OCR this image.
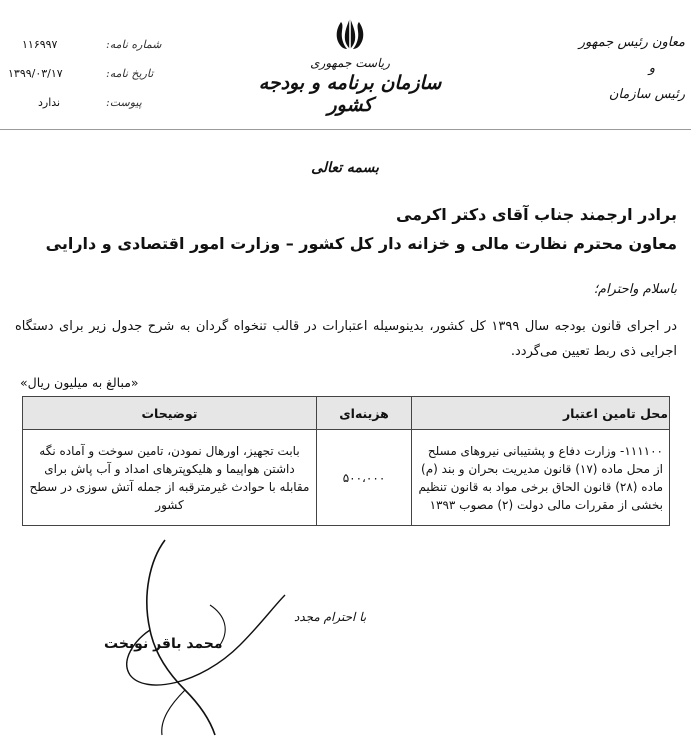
معاون رئیس جمهور
و
رئیس سازمان
ریاست جمهوری
سازمان برنامه و بودجه کشور
شماره نامه:
۱۱۶۹۹۷
تاریخ نامه:
۱۳۹۹/۰۳/۱۷
پیوست:
ندارد
بسمه تعالی
برادر ارجمند جناب آقای دکتر اکرمی
معاون محترم نظارت مالی و خزانه دار کل کشور – وزارت امور اقتصادی و دارایی
باسلام واحترام؛
در اجرای قانون بودجه سال ۱۳۹۹ کل کشور، بدینوسیله اعتبارات در قالب تنخواه گردان به شرح جدول زیر برای دستگاه اجرایی ذی ربط تعیین می‌گردد.
«مبالغ به میلیون ریال»
محل تامین اعتبار	هزینه‌ای	توضیحات
۱۱۱۱۰۰- وزارت دفاع و پشتیبانی نیروهای مسلح از محل ماده (۱۷) قانون مدیریت بحران و بند (م) ماده (۲۸) قانون الحاق برخی مواد به قانون تنظیم بخشی از مقررات مالی دولت (۲) مصوب ۱۳۹۳	۵۰۰،۰۰۰	بابت تجهیز، اورهال نمودن، تامین سوخت و آماده نگه داشتن هواپیما و هلیکوپترهای امداد و آب پاش برای مقابله با حوادث غیرمترقبه از جمله آتش سوزی در سطح کشور
با احترام مجدد
محمد باقر نوبخت
